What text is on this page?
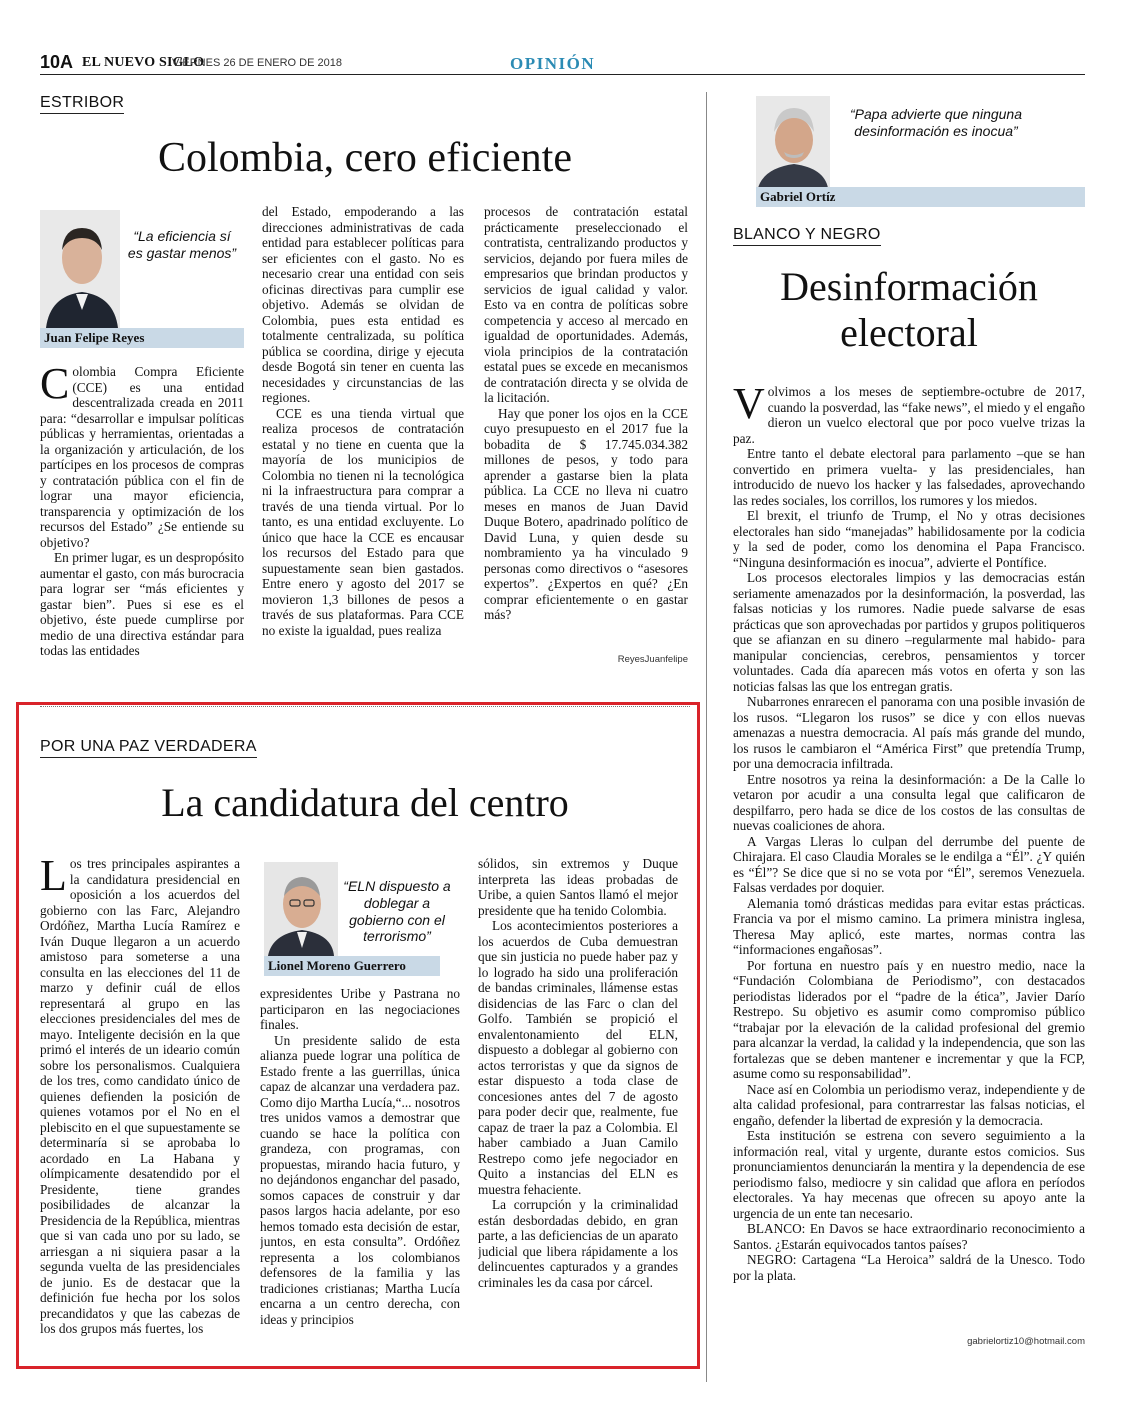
10A EL NUEVO SIGLO
VIERNES 26 DE ENERO DE 2018	OPINIÓN
ESTRIBOR
Colombia, cero eficiente
“La eficiencia sí es gastar menos”
Juan Felipe Reyes

Colombia Compra Eficiente (CCE) es una entidad descentralizada creada en 2011 para: “desarrollar e impulsar políticas públicas y herramientas, orientadas a la organización y articulación, de los partícipes en los procesos de compras y contratación pública con el fin de lograr una mayor eficiencia, transparencia y optimización de los recursos del Estado” ¿Se entiende su objetivo?

En primer lugar, es un despropósito aumentar el gasto, con más burocracia para lograr ser “más eficientes y gastar bien”. Pues si ese es el objetivo, éste puede cumplirse por medio de una directiva estándar para todas las entidades

del Estado, empoderando a las direcciones administrativas de cada entidad para establecer políticas para ser eficientes con el gasto. No es necesario crear una entidad con seis oficinas directivas para cumplir ese objetivo. Además se olvidan de Colombia, pues esta entidad es totalmente centralizada, su política pública se coordina, dirige y ejecuta desde Bogotá sin tener en cuenta las necesidades y circunstancias de las regiones.

CCE es una tienda virtual que realiza procesos de contratación estatal y no tiene en cuenta que la mayoría de los municipios de Colombia no tienen ni la tecnológica ni la infraestructura para comprar a través de una tienda virtual. Por lo tanto, es una entidad excluyente. Lo único que hace la CCE es encausar los recursos del Estado para que supuestamente sean bien gastados. Entre enero y agosto del 2017 se movieron 1,3 billones de pesos a través de sus plataformas. Para CCE no existe la igualdad, pues realiza

procesos de contratación estatal prácticamente preseleccionado el contratista, centralizando productos y servicios, dejando por fuera miles de empresarios que brindan productos y servicios de igual calidad y valor. Esto va en contra de políticas sobre competencia y acceso al mercado en igualdad de oportunidades. Además, viola principios de la contratación estatal pues se excede en mecanismos de contratación directa y se olvida de la licitación.

Hay que poner los ojos en la CCE cuyo presupuesto en el 2017 fue la bobadita de $ 17.745.034.382 millones de pesos, y todo para aprender a gastarse bien la plata pública. La CCE no lleva ni cuatro meses en manos de Juan David Duque Botero, apadrinado político de David Luna, y quien desde su nombramiento ya ha vinculado 9 personas como directivos o “asesores expertos”. ¿Expertos en qué? ¿En comprar eficientemente o en gastar más?

ReyesJuanfelipe
POR UNA PAZ VERDADERA
La candidatura del centro

Los tres principales aspirantes a la candidatura presidencial en oposición a los acuerdos del gobierno con las Farc, Alejandro Ordóñez, Martha Lucía Ramírez e Iván Duque llegaron a un acuerdo amistoso para someterse a una consulta en las elecciones del 11 de marzo y definir cuál de ellos representará al grupo en las elecciones presidenciales del mes de mayo. Inteligente decisión en la que primó el interés de un ideario común sobre los personalismos. Cualquiera de los tres, como candidato único de quienes defienden la posición de quienes votamos por el No en el plebiscito en el que supuestamente se determinaría si se aprobaba lo acordado en La Habana y olímpicamente desatendido por el Presidente, tiene grandes posibilidades de alcanzar la Presidencia de la República, mientras que si van cada uno por su lado, se arriesgan a ni siquiera pasar a la segunda vuelta de las presidenciales de junio. Es de destacar que la definición fue hecha por los solos precandidatos y que las cabezas de los dos grupos más fuertes, los

“ELN dispuesto a doblegar a gobierno con el terrorismo”
Lionel Moreno Guerrero

expresidentes Uribe y Pastrana no participaron en las negociaciones finales.

Un presidente salido de esta alianza puede lograr una política de Estado frente a las guerrillas, única capaz de alcanzar una verdadera paz. Como dijo Martha Lucía,“... nosotros tres unidos vamos a demostrar que cuando se hace la política con grandeza, con programas, con propuestas, mirando hacia futuro, y no dejándonos enganchar del pasado, somos capaces de construir y dar pasos largos hacia adelante, por eso hemos tomado esta decisión de estar, juntos, en esta consulta”. Ordóñez representa a los colombianos defensores de la familia y las tradiciones cristianas; Martha Lucía encarna a un centro derecha, con ideas y principios

sólidos, sin extremos y Duque interpreta las ideas probadas de Uribe, a quien Santos llamó el mejor presidente que ha tenido Colombia.

Los acontecimientos posteriores a los acuerdos de Cuba demuestran que sin justicia no puede haber paz y lo logrado ha sido una proliferación de bandas criminales, llámense estas disidencias de las Farc o clan del Golfo. También se propició el envalentonamiento del ELN, dispuesto a doblegar al gobierno con actos terroristas y que da signos de estar dispuesto a toda clase de concesiones antes del 7 de agosto para poder decir que, realmente, fue capaz de traer la paz a Colombia. El haber cambiado a Juan Camilo Restrepo como jefe negociador en Quito a instancias del ELN es muestra fehaciente.

La corrupción y la criminalidad están desbordadas debido, en gran parte, a las deficiencias de un aparato judicial que libera rápidamente a los delincuentes capturados y a grandes criminales les da casa por cárcel.

“Papa advierte que ninguna desinformación es inocua”
Gabriel Ortíz
BLANCO Y NEGRO
Desinformación electoral

Volvimos a los meses de septiembre-octubre de 2017, cuando la posverdad, las “fake news”, el miedo y el engaño dieron un vuelco electoral que por poco vuelve trizas la paz.

Entre tanto el debate electoral para parlamento –que se han convertido en primera vuelta- y las presidenciales, han introducido de nuevo los hacker y las falsedades, aprovechando las redes sociales, los corrillos, los rumores y los miedos.

El brexit, el triunfo de Trump, el No y otras decisiones electorales han sido “manejadas” habilidosamente por la codicia y la sed de poder, como los denomina el Papa Francisco. “Ninguna desinformación es inocua”, advierte el Pontífice.

Los procesos electorales limpios y las democracias están seriamente amenazados por la desinformación, la posverdad, las falsas noticias y los rumores. Nadie puede salvarse de esas prácticas que son aprovechadas por partidos y grupos politiqueros que se afianzan en su dinero –regularmente mal habido- para manipular conciencias, cerebros, pensamientos y torcer voluntades. Cada día aparecen más votos en oferta y son las noticias falsas las que los entregan gratis.

Nubarrones enrarecen el panorama con una posible invasión de los rusos. “Llegaron los rusos” se dice y con ellos nuevas amenazas a nuestra democracia. Al país más grande del mundo, los rusos le cambiaron el “América First” que pretendía Trump, por una democracia infiltrada.

Entre nosotros ya reina la desinformación: a De la Calle lo vetaron por acudir a una consulta legal que calificaron de despilfarro, pero hada se dice de los costos de las consultas de nuevas coaliciones de ahora.

A Vargas Lleras lo culpan del derrumbe del puente de Chirajara. El caso Claudia Morales se le endilga a “Él”. ¿Y quién es “Él”? Se dice que si no se vota por “Él”, seremos Venezuela. Falsas verdades por doquier.

Alemania tomó drásticas medidas para evitar estas prácticas. Francia va por el mismo camino. La primera ministra inglesa, Theresa May aplicó, este martes, normas contra las “informaciones engañosas”.

Por fortuna en nuestro país y en nuestro medio, nace la “Fundación Colombiana de Periodismo”, con destacados periodistas liderados por el “padre de la ética”, Javier Darío Restrepo. Su objetivo es asumir como compromiso público “trabajar por la elevación de la calidad profesional del gremio para alcanzar la verdad, la calidad y la independencia, que son las fortalezas que se deben mantener e incrementar y que la FCP, asume como su responsabilidad”.

Nace así en Colombia un periodismo veraz, independiente y de alta calidad profesional, para contrarrestar las falsas noticias, el engaño, defender la libertad de expresión y la democracia.

Esta institución se estrena con severo seguimiento a la información real, vital y urgente, durante estos comicios. Sus pronunciamientos denunciarán la mentira y la dependencia de ese periodismo falso, mediocre y sin calidad que aflora en períodos electorales. Ya hay mecenas que ofrecen su apoyo ante la urgencia de un ente tan necesario.

BLANCO: En Davos se hace extraordinario reconocimiento a Santos. ¿Estarán equivocados tantos países?

NEGRO: Cartagena “La Heroica” saldrá de la Unesco. Todo por la plata.

gabrielortiz10@hotmail.com
